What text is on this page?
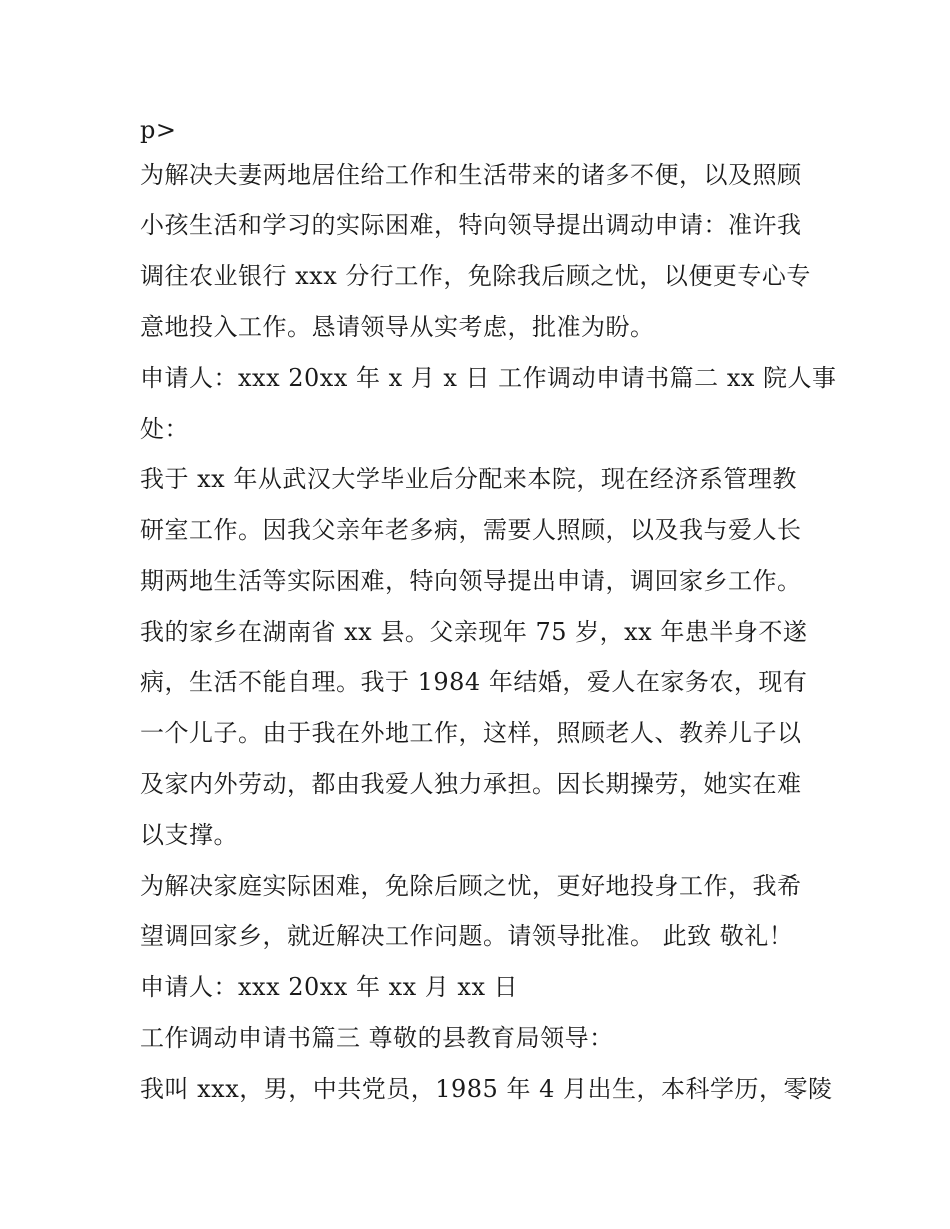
p>
为解决夫妻两地居住给工作和生活带来的诸多不便，以及照顾
小孩生活和学习的实际困难，特向领导提出调动申请：准许我
调往农业银行 xxx 分行工作，免除我后顾之忧，以便更专心专
意地投入工作。恳请领导从实考虑，批准为盼。
申请人：xxx 20xx 年 x 月 x 日 工作调动申请书篇二 xx 院人事
处：
我于 xx 年从武汉大学毕业后分配来本院，现在经济系管理教
研室工作。因我父亲年老多病，需要人照顾，以及我与爱人长
期两地生活等实际困难，特向领导提出申请，调回家乡工作。
我的家乡在湖南省 xx 县。父亲现年 75 岁，xx 年患半身不遂
病，生活不能自理。我于 1984 年结婚，爱人在家务农，现有
一个儿子。由于我在外地工作，这样，照顾老人、教养儿子以
及家内外劳动，都由我爱人独力承担。因长期操劳，她实在难
以支撑。
为解决家庭实际困难，免除后顾之忧，更好地投身工作，我希
望调回家乡，就近解决工作问题。请领导批准。 此致 敬礼！
申请人：xxx 20xx 年 xx 月 xx 日
工作调动申请书篇三 尊敬的县教育局领导：
我叫 xxx，男，中共党员，1985 年 4 月出生，本科学历，零陵
